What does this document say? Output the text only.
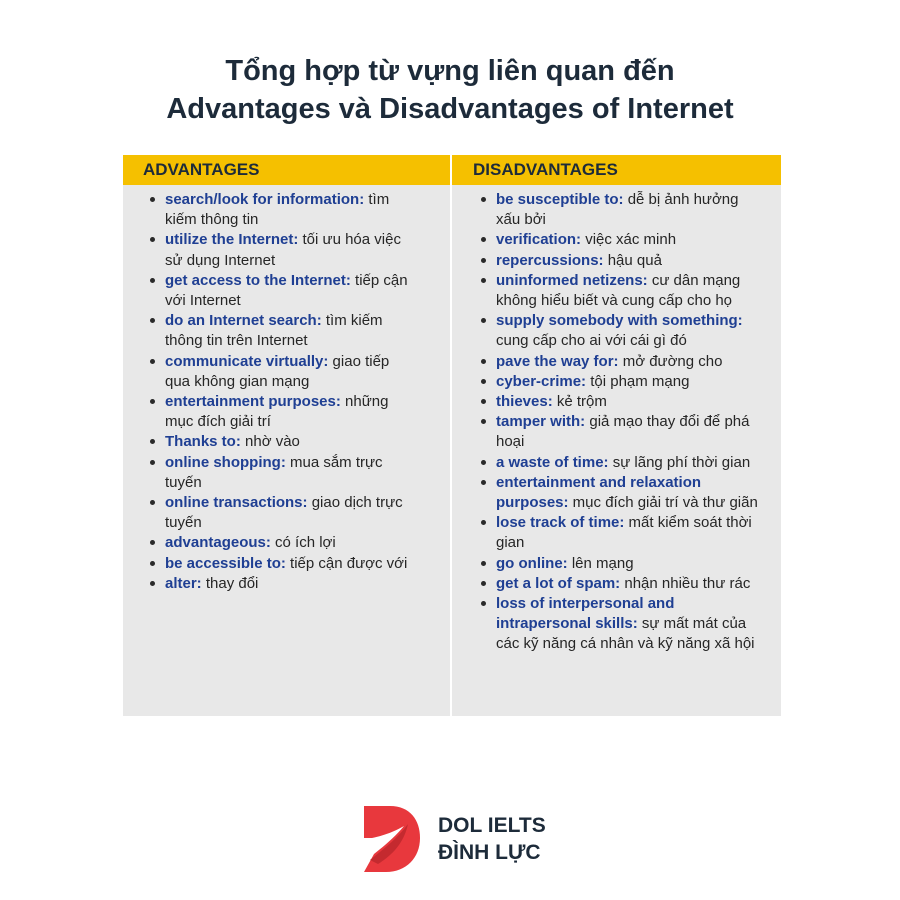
Tổng hợp từ vựng liên quan đến
Advantages và Disadvantages of Internet
ADVANTAGES
search/look for information: tìm kiếm thông tin
utilize the Internet: tối ưu hóa việc sử dụng Internet
get access to the Internet: tiếp cận với Internet
do an Internet search: tìm kiếm thông tin trên Internet
communicate virtually: giao tiếp qua không gian mạng
entertainment purposes: những mục đích giải trí
Thanks to: nhờ vào
online shopping: mua sắm trực tuyến
online transactions: giao dịch trực tuyến
advantageous: có ích lợi
be accessible to: tiếp cận được với
alter: thay đổi
DISADVANTAGES
be susceptible to: dễ bị ảnh hưởng xấu bởi
verification: việc xác minh
repercussions: hậu quả
uninformed netizens: cư dân mạng không hiểu biết và cung cấp cho họ
supply somebody with something: cung cấp cho ai với cái gì đó
pave the way for: mở đường cho
cyber-crime: tội phạm mạng
thieves: kẻ trộm
tamper with: giả mạo thay đổi để phá hoại
a waste of time: sự lãng phí thời gian
entertainment and relaxation purposes: mục đích giải trí và thư giãn
lose track of time: mất kiểm soát thời gian
go online: lên mạng
get a lot of spam: nhận nhiều thư rác
loss of interpersonal and intrapersonal skills: sự mất mát của các kỹ năng cá nhân và kỹ năng xã hội
DOL IELTS
ĐÌNH LỰC
